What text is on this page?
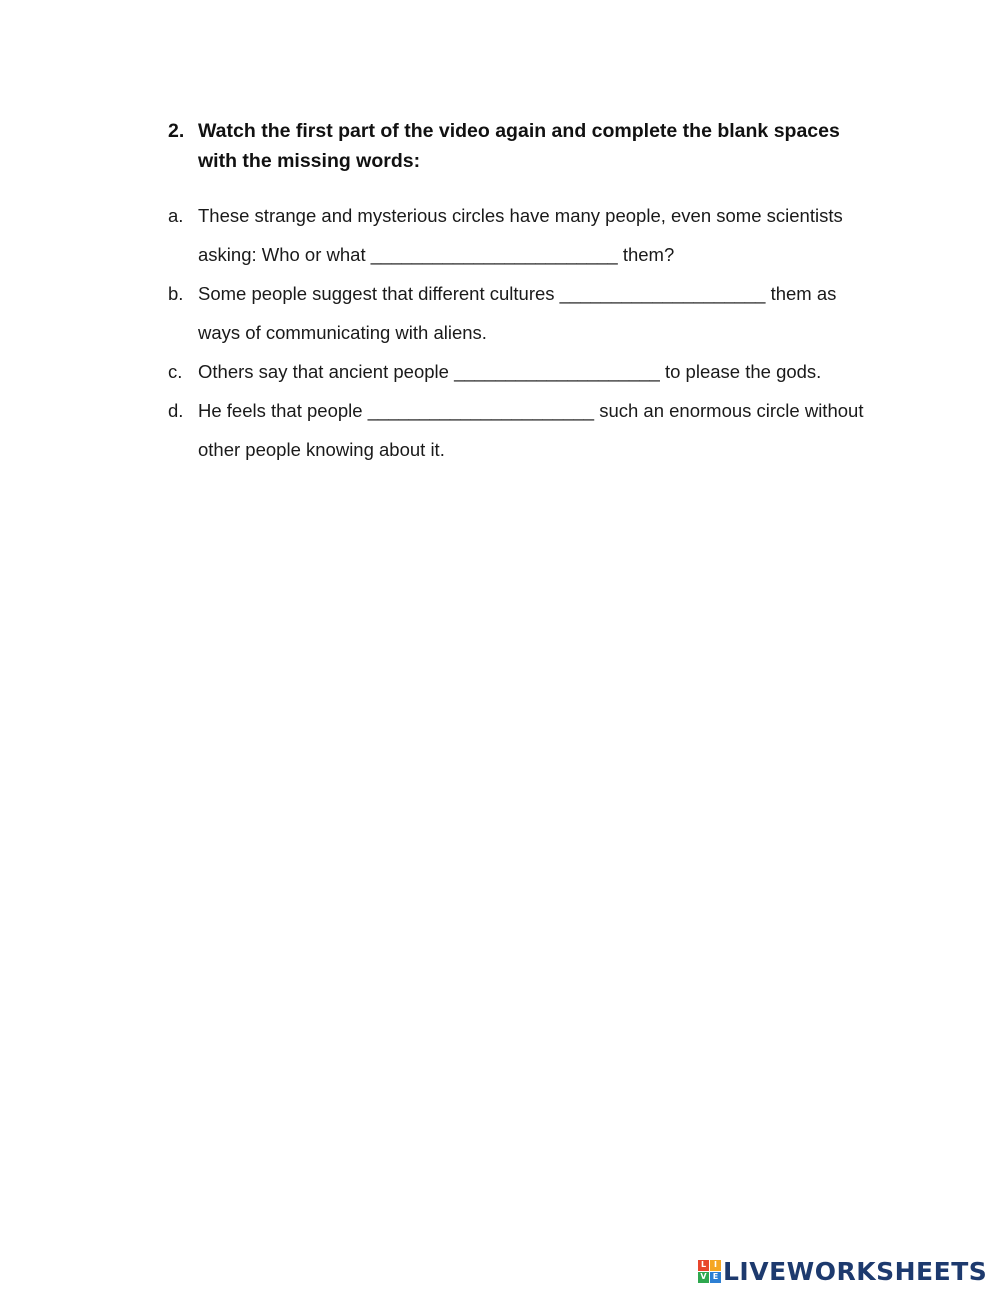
2. Watch the first part of the video again and complete the blank spaces with the missing words:
a. These strange and mysterious circles have many people, even some scientists asking: Who or what ________________________ them?
b. Some people suggest that different cultures ____________________ them as ways of communicating with aliens.
c. Others say that ancient people ____________________ to please the gods.
d. He feels that people ______________________ such an enormous circle without other people knowing about it.
L I
V E LIVEWORKSHEETS
